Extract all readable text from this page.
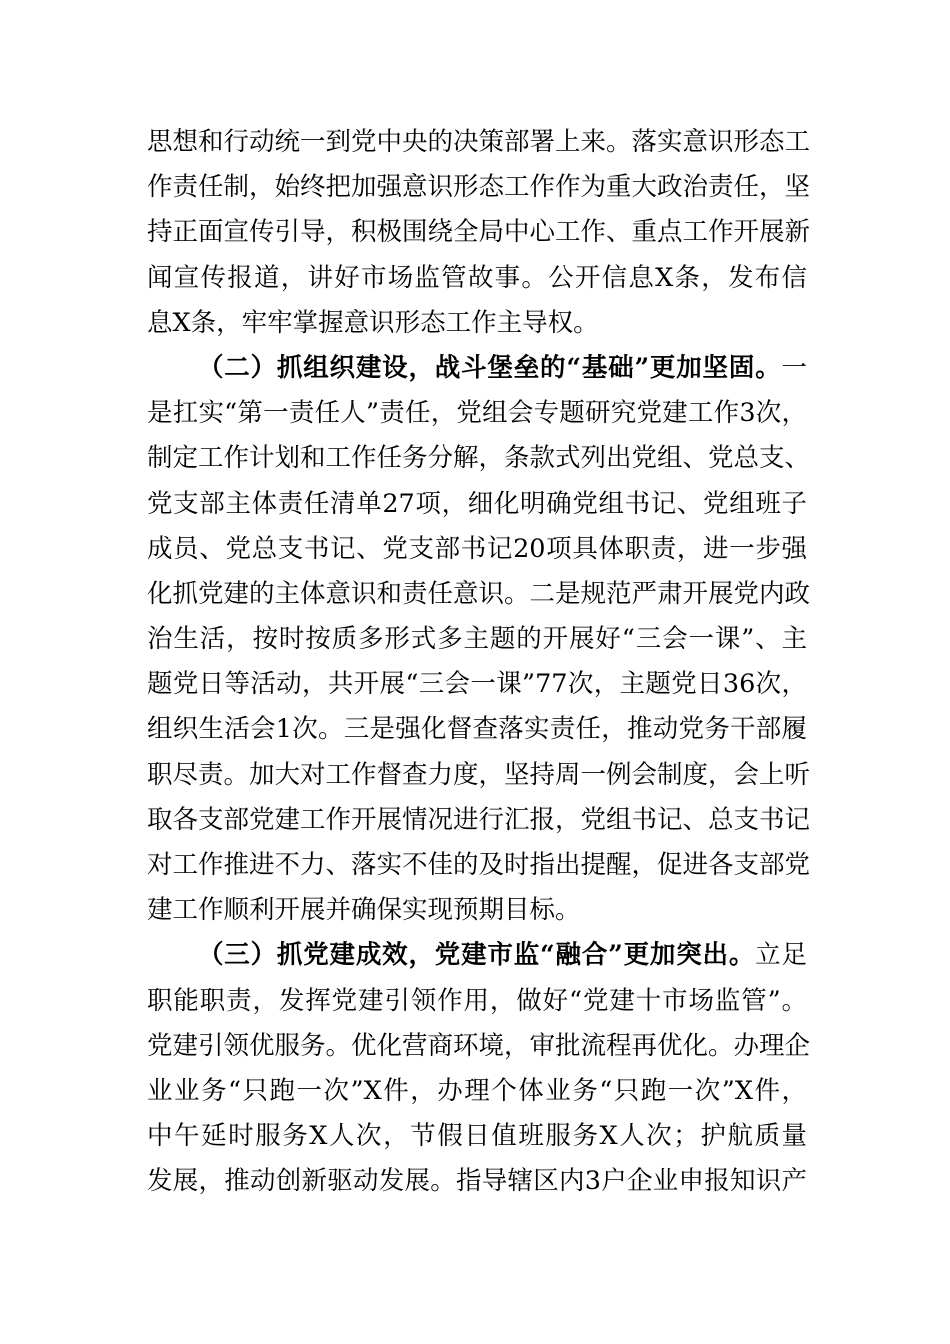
思想和行动统一到党中央的决策部署上来。落实意识形态工
作责任制，始终把加强意识形态工作作为重大政治责任，坚
持正面宣传引导，积极围绕全局中心工作、重点工作开展新
闻宣传报道，讲好市场监管故事。公开信息X条，发布信
息X条，牢牢掌握意识形态工作主导权。
（二）抓组织建设，战斗堡垒的“基础”更加坚固。一
是扛实“第一责任人”责任，党组会专题研究党建工作3次，
制定工作计划和工作任务分解，条款式列出党组、党总支、
党支部主体责任清单27项，细化明确党组书记、党组班子
成员、党总支书记、党支部书记20项具体职责，进一步强
化抓党建的主体意识和责任意识。二是规范严肃开展党内政
治生活，按时按质多形式多主题的开展好“三会一课”、主
题党日等活动，共开展“三会一课”77次，主题党日36次，
组织生活会1次。三是强化督查落实责任，推动党务干部履
职尽责。加大对工作督查力度，坚持周一例会制度，会上听
取各支部党建工作开展情况进行汇报，党组书记、总支书记
对工作推进不力、落实不佳的及时指出提醒，促进各支部党
建工作顺利开展并确保实现预期目标。
（三）抓党建成效，党建市监“融合”更加突出。立足
职能职责，发挥党建引领作用，做好“党建十市场监管”。
党建引领优服务。优化营商环境，审批流程再优化。办理企
业业务“只跑一次”X件，办理个体业务“只跑一次”X件，
中午延时服务X人次，节假日值班服务X人次；护航质量
发展，推动创新驱动发展。指导辖区内3户企业申报知识产
